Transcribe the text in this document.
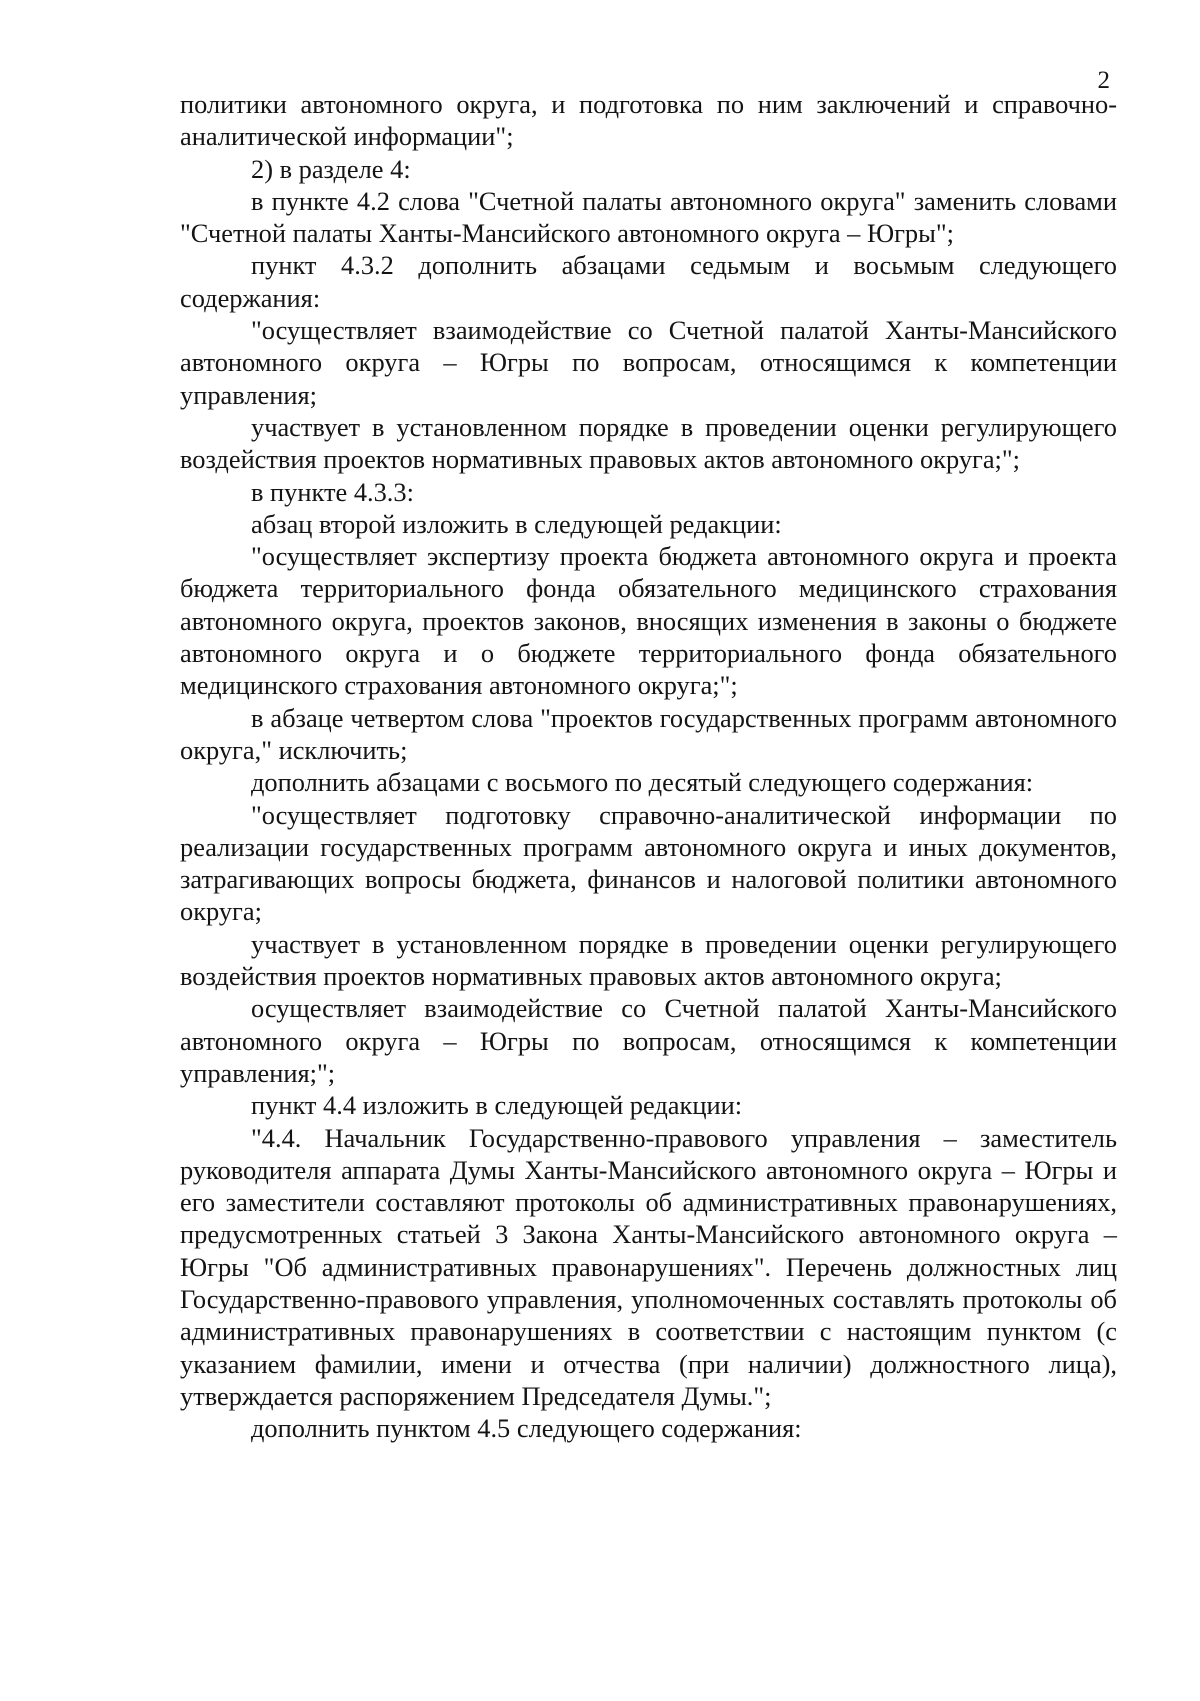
2

политики автономного округа, и подготовка по ним заключений и справочно-аналитической информации";

2) в разделе 4:

в пункте 4.2 слова "Счетной палаты автономного округа" заменить словами "Счетной палаты Ханты-Мансийского автономного округа – Югры";

пункт 4.3.2 дополнить абзацами седьмым и восьмым следующего содержания:

"осуществляет взаимодействие со Счетной палатой Ханты-Мансийского автономного округа – Югры по вопросам, относящимся к компетенции управления;

участвует в установленном порядке в проведении оценки регулирующего воздействия проектов нормативных правовых актов автономного округа;";

в пункте 4.3.3:

абзац второй изложить в следующей редакции:

"осуществляет экспертизу проекта бюджета автономного округа и проекта бюджета территориального фонда обязательного медицинского страхования автономного округа, проектов законов, вносящих изменения в законы о бюджете автономного округа и о бюджете территориального фонда обязательного медицинского страхования автономного округа;";

в абзаце четвертом слова "проектов государственных программ автономного округа," исключить;

дополнить абзацами с восьмого по десятый следующего содержания:

"осуществляет подготовку справочно-аналитической информации по реализации государственных программ автономного округа и иных документов, затрагивающих вопросы бюджета, финансов и налоговой политики автономного округа;

участвует в установленном порядке в проведении оценки регулирующего воздействия проектов нормативных правовых актов автономного округа;

осуществляет взаимодействие со Счетной палатой Ханты-Мансийского автономного округа – Югры по вопросам, относящимся к компетенции управления;";

пункт 4.4 изложить в следующей редакции:

"4.4. Начальник Государственно-правового управления – заместитель руководителя аппарата Думы Ханты-Мансийского автономного округа – Югры и его заместители составляют протоколы об административных правонарушениях, предусмотренных статьей 3 Закона Ханты-Мансийского автономного округа – Югры "Об административных правонарушениях". Перечень должностных лиц Государственно-правового управления, уполномоченных составлять протоколы об административных правонарушениях в соответствии с настоящим пунктом (с указанием фамилии, имени и отчества (при наличии) должностного лица), утверждается распоряжением Председателя Думы.";

дополнить пунктом 4.5 следующего содержания:
